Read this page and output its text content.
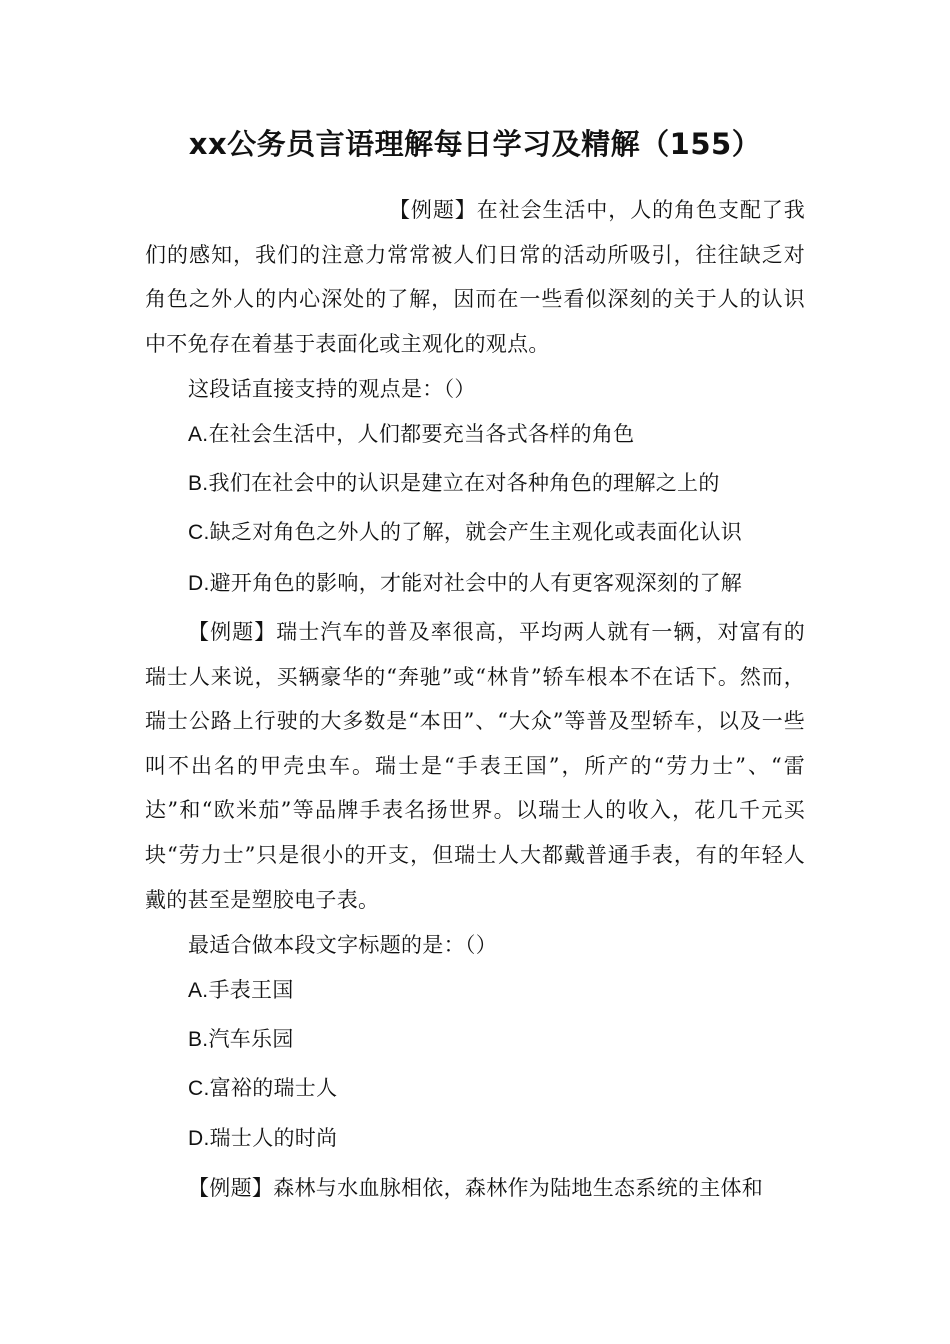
xx公务员言语理解每日学习及精解（155）
【例题】在社会生活中，人的角色支配了我们的感知，我们的注意力常常被人们日常的活动所吸引，往往缺乏对角色之外人的内心深处的了解，因而在一些看似深刻的关于人的认识中不免存在着基于表面化或主观化的观点。
这段话直接支持的观点是：（）
A.在社会生活中，人们都要充当各式各样的角色
B.我们在社会中的认识是建立在对各种角色的理解之上的
C.缺乏对角色之外人的了解，就会产生主观化或表面化认识
D.避开角色的影响，才能对社会中的人有更客观深刻的了解
【例题】瑞士汽车的普及率很高，平均两人就有一辆，对富有的瑞士人来说，买辆豪华的“奔驰”或“林肯”轿车根本不在话下。然而，瑞士公路上行驶的大多数是“本田”、“大众”等普及型轿车，以及一些叫不出名的甲壳虫车。瑞士是“手表王国”，所产的“劳力士”、“雷达”和“欧米茄”等品牌手表名扬世界。以瑞士人的收入，花几千元买块“劳力士”只是很小的开支，但瑞士人大都戴普通手表，有的年轻人戴的甚至是塑胶电子表。
最适合做本段文字标题的是：（）
A.手表王国
B.汽车乐园
C.富裕的瑞士人
D.瑞士人的时尚
【例题】森林与水血脉相依，森林作为陆地生态系统的主体和
